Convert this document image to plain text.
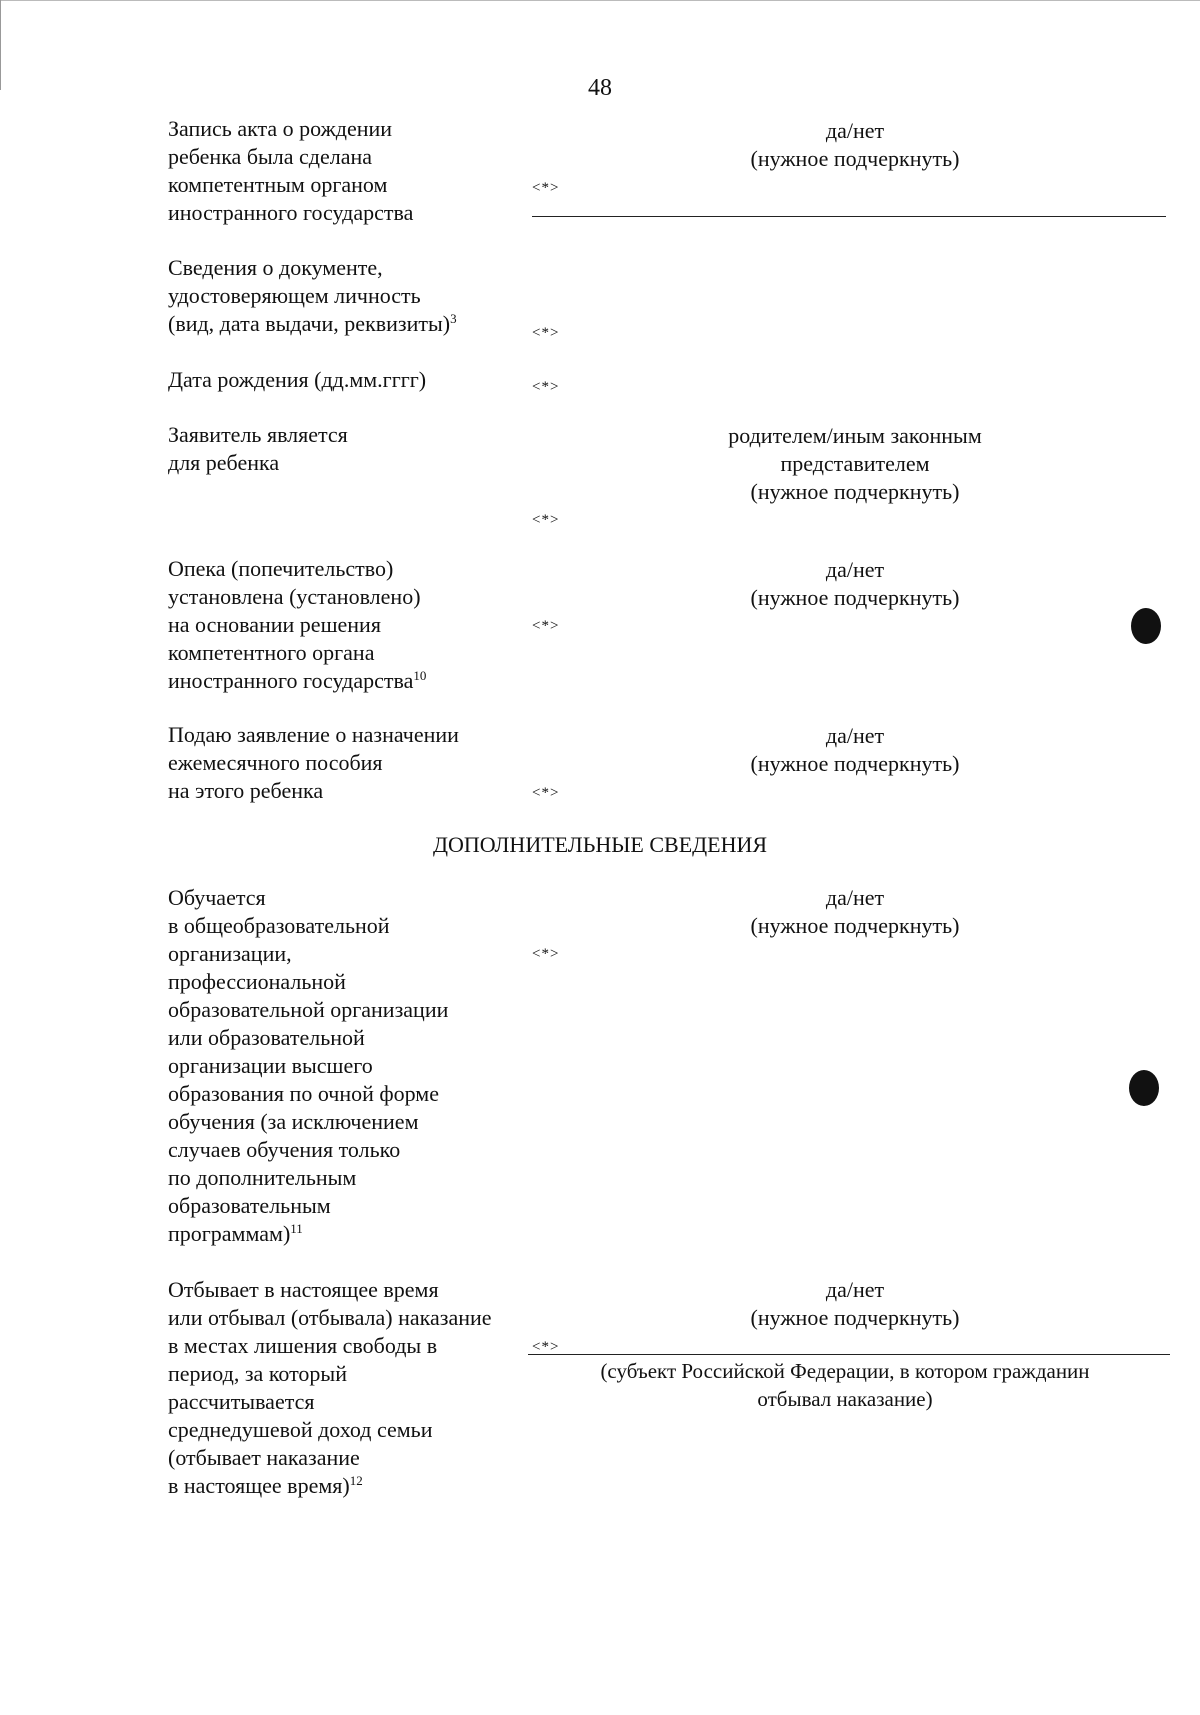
48
Запись акта о рождении
ребенка была сделана
компетентным органом
иностранного государства
<*>
да/нет
(нужное подчеркнуть)
Сведения о документе,
удостоверяющем личность
(вид, дата выдачи, реквизиты)$^3$
<*>
Дата рождения (дд.мм.гггг)	<*>
Заявитель является
для ребенка
родителем/иным законным
представителем
(нужное подчеркнуть)
<*>
Опека (попечительство)
установлена (установлено)
на основании решения
компетентного органа
иностранного государства$^{10}$
<*>
да/нет
(нужное подчеркнуть)
Подаю заявление о назначении
ежемесячного пособия
на этого ребенка	<*>
да/нет
(нужное подчеркнуть)
ДОПОЛНИТЕЛЬНЫЕ СВЕДЕНИЯ
Обучается
в общеобразовательной
организации,
профессиональной
образовательной организации
или образовательной
организации высшего
образования по очной форме
обучения (за исключением
случаев обучения только
по дополнительным
образовательным
программам)$^{11}$
<*>
да/нет
(нужное подчеркнуть)
Отбывает в настоящее время
или отбывал (отбывала) наказание
в местах лишения свободы в
период, за который
рассчитывается
среднедушевой доход семьи
(отбывает наказание
в настоящее время)$^{12}$
<*>
да/нет
(нужное подчеркнуть)
(субъект Российской Федерации, в котором гражданин
отбывал наказание)
